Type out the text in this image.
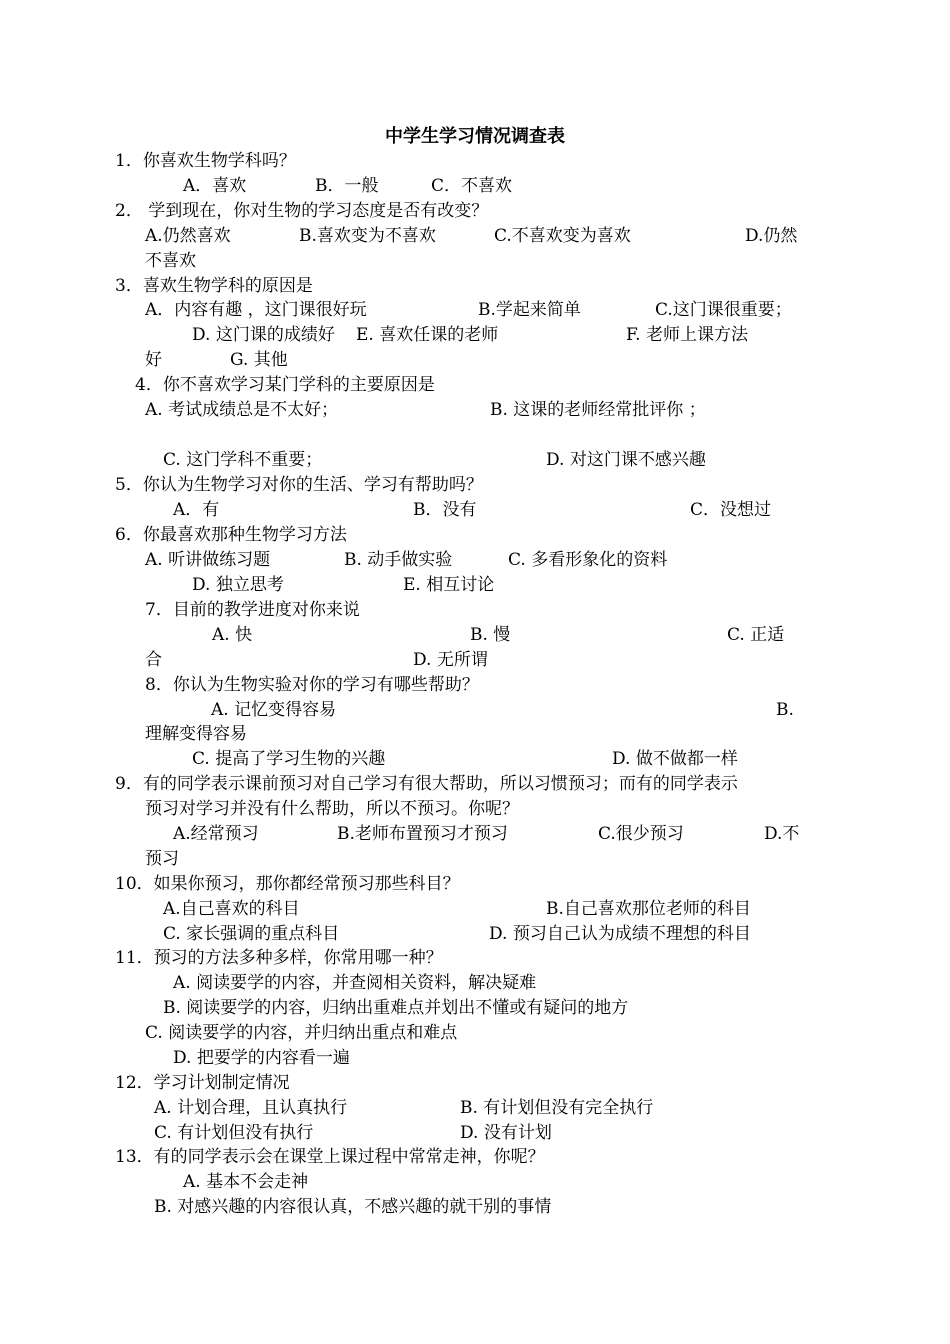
中学生学习情况调查表
1．你喜欢生物学科吗？
A．喜欢	B．一般	C．不喜欢
2． 学到现在，你对生物的学习态度是否有改变？
A.仍然喜欢	B.喜欢变为不喜欢	C.不喜欢变为喜欢	D.仍然
不喜欢
3．喜欢生物学科的原因是
A．内容有趣 ，这门课很好玩	B.学起来简单	C.这门课很重要；
D. 这门课的成绩好 E. 喜欢任课的老师	F. 老师上课方法
好	G. 其他
4．你不喜欢学习某门学科的主要原因是
A. 考试成绩总是不太好；	B. 这课的老师经常批评你 ；
C. 这门学科不重要；	D. 对这门课不感兴趣
5．你认为生物学习对你的生活、学习有帮助吗？
A．有	B．没有	C．没想过
6．你最喜欢那种生物学习方法
A. 听讲做练习题	B. 动手做实验	C. 多看形象化的资料
D. 独立思考	E. 相互讨论
7．目前的教学进度对你来说
A. 快	B. 慢	C. 正适
合	D. 无所谓
8．你认为生物实验对你的学习有哪些帮助？
A. 记忆变得容易	B.
理解变得容易
C. 提高了学习生物的兴趣	D. 做不做都一样
9．有的同学表示课前预习对自己学习有很大帮助，所以习惯预习；而有的同学表示
预习对学习并没有什么帮助，所以不预习。你呢？
A.经常预习	B.老师布置预习才预习	C.很少预习	D.不
预习
10．如果你预习，那你都经常预习那些科目？
A.自己喜欢的科目	B.自己喜欢那位老师的科目
C. 家长强调的重点科目	D. 预习自己认为成绩不理想的科目
11．预习的方法多种多样，你常用哪一种？
A. 阅读要学的内容，并查阅相关资料，解决疑难
B. 阅读要学的内容，归纳出重难点并划出不懂或有疑问的地方
C. 阅读要学的内容，并归纳出重点和难点
D. 把要学的内容看一遍
12．学习计划制定情况
A. 计划合理，且认真执行	B. 有计划但没有完全执行
C. 有计划但没有执行	D. 没有计划
13．有的同学表示会在课堂上课过程中常常走神，你呢？
A. 基本不会走神
B. 对感兴趣的内容很认真，不感兴趣的就干别的事情
